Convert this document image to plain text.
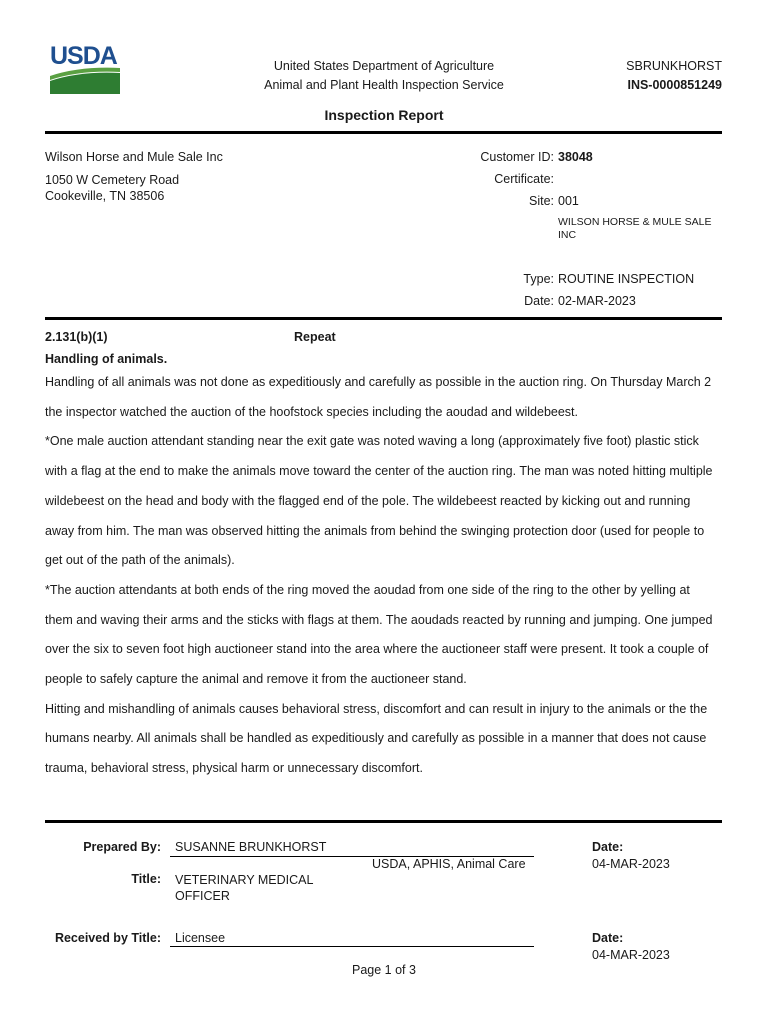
USDA	United States Department of Agriculture
Animal and Plant Health Inspection Service
SBRUNKHORST
INS-0000851249
Inspection Report
Wilson Horse and Mule Sale Inc
1050 W Cemetery Road
Cookeville, TN 38506
Customer ID: 38048
Certificate:
Site: 001
WILSON HORSE & MULE SALE INC
Type: ROUTINE INSPECTION
Date: 02-MAR-2023
2.131(b)(1)	Repeat
Handling of animals.

Handling of all animals was not done as expeditiously and carefully as possible in the auction ring. On Thursday March 2

the inspector watched the auction of the hoofstock species including the aoudad and wildebeest.

*One male auction attendant standing near the exit gate was noted waving a long (approximately five foot) plastic stick

with a flag at the end to make the animals move toward the center of the auction ring. The man was noted hitting multiple

wildebeest on the head and body with the flagged end of the pole. The wildebeest reacted by kicking out and running

away from him. The man was observed hitting the animals from behind the swinging protection door (used for people to

get out of the path of the animals).

*The auction attendants at both ends of the ring moved the aoudad from one side of the ring to the other by yelling at

them and waving their arms and the sticks with flags at them. The aoudads reacted by running and jumping. One jumped

over the six to seven foot high auctioneer stand into the area where the auctioneer staff were present. It took a couple of

people to safely capture the animal and remove it from the auctioneer stand.

Hitting and mishandling of animals causes behavioral stress, discomfort and can result in injury to the animals or the the

humans nearby. All animals shall be handled as expeditiously and carefully as possible in a manner that does not cause

trauma, behavioral stress, physical harm or unnecessary discomfort.

Prepared By: SUSANNE BRUNKHORST
USDA, APHIS, Animal Care
Date:
04-MAR-2023
Title: VETERINARY MEDICAL
OFFICER
Received by Title: Licensee	Date:
04-MAR-2023
Page 1 of 3
